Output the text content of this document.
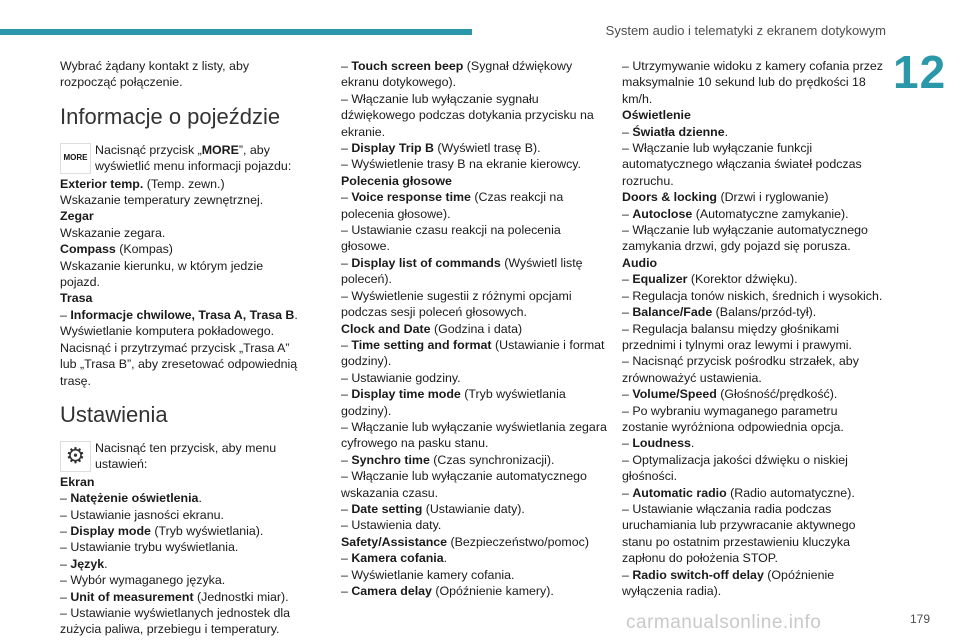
System audio i telematyki z ekranem dotykowym
12

Wybrać żądany kontakt z listy, aby rozpocząć połączenie.

Informacje o pojeździe
MORE
Nacisnąć przycisk „MORE”, aby wyświetlić menu informacji pojazdu:

Exterior temp. (Temp. zewn.)

Wskazanie temperatury zewnętrznej.

Zegar

Wskazanie zegara.

Compass (Kompas)

Wskazanie kierunku, w którym jedzie pojazd.

Trasa

– Informacje chwilowe, Trasa A, Trasa B.

Wyświetlanie komputera pokładowego.

Nacisnąć i przytrzymać przycisk „Trasa A” lub „Trasa B”, aby zresetować odpowiednią trasę.

Ustawienia
⚙ Nacisnąć ten przycisk, aby menu ustawień:

Ekran

– Natężenie oświetlenia.

– Ustawianie jasności ekranu.

– Display mode (Tryb wyświetlania).

– Ustawianie trybu wyświetlania.

– Język.

– Wybór wymaganego języka.

– Unit of measurement (Jednostki miar).

– Ustawianie wyświetlanych jednostek dla zużycia paliwa, przebiegu i temperatury.

– Touch screen beep (Sygnał dźwiękowy ekranu dotykowego).

– Włączanie lub wyłączanie sygnału dźwiękowego podczas dotykania przycisku na ekranie.

– Display Trip B (Wyświetl trasę B).

– Wyświetlenie trasy B na ekranie kierowcy.

Polecenia głosowe

– Voice response time (Czas reakcji na polecenia głosowe).

– Ustawianie czasu reakcji na polecenia głosowe.

– Display list of commands (Wyświetl listę poleceń).

– Wyświetlenie sugestii z różnymi opcjami podczas sesji poleceń głosowych.

Clock and Date (Godzina i data)

– Time setting and format (Ustawianie i format godziny).

– Ustawianie godziny.

– Display time mode (Tryb wyświetlania godziny).

– Włączanie lub wyłączanie wyświetlania zegara cyfrowego na pasku stanu.

– Synchro time (Czas synchronizacji).

– Włączanie lub wyłączanie automatycznego wskazania czasu.

– Date setting (Ustawianie daty).

– Ustawienia daty.

Safety/Assistance (Bezpieczeństwo/pomoc)

– Kamera cofania.

– Wyświetlanie kamery cofania.

– Camera delay (Opóźnienie kamery).

– Utrzymywanie widoku z kamery cofania przez maksymalnie 10 sekund lub do prędkości 18 km/h.

Oświetlenie

– Światła dzienne.

– Włączanie lub wyłączanie funkcji automatycznego włączania świateł podczas rozruchu.

Doors & locking (Drzwi i ryglowanie)

– Autoclose (Automatyczne zamykanie).

– Włączanie lub wyłączanie automatycznego zamykania drzwi, gdy pojazd się porusza.

Audio

– Equalizer (Korektor dźwięku).

– Regulacja tonów niskich, średnich i wysokich.

– Balance/Fade (Balans/przód-tył).

– Regulacja balansu między głośnikami przednimi i tylnymi oraz lewymi i prawymi.

– Nacisnąć przycisk pośrodku strzałek, aby zrównoważyć ustawienia.

– Volume/Speed (Głośność/prędkość).

– Po wybraniu wymaganego parametru zostanie wyróżniona odpowiednia opcja.

– Loudness.

– Optymalizacja jakości dźwięku o niskiej głośności.

– Automatic radio (Radio automatyczne).

– Ustawianie włączania radia podczas uruchamiania lub przywracanie aktywnego stanu po ostatnim przestawieniu kluczyka zapłonu do położenia STOP.

– Radio switch-off delay (Opóźnienie wyłączenia radia).

carmanualsonline.info	179
